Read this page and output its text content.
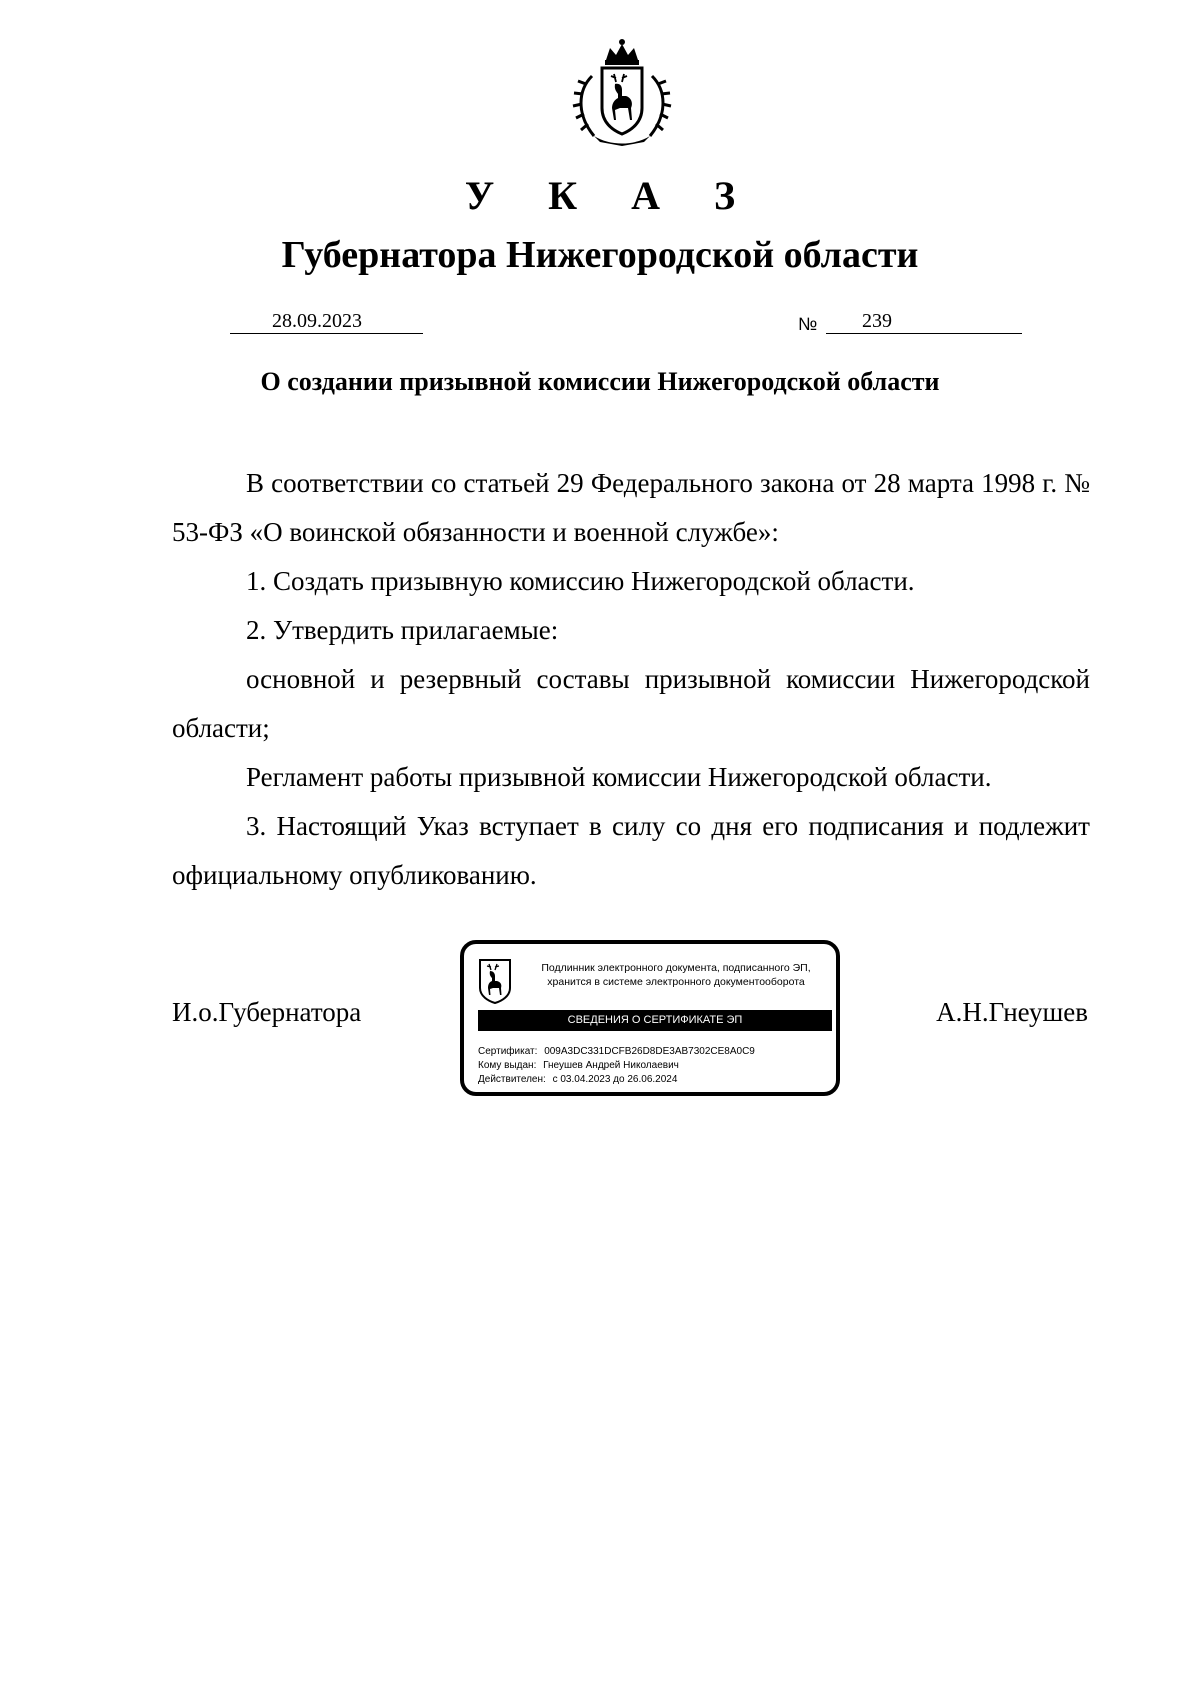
У К А З
Губернатора Нижегородской области
28.09.2023	№ 239
О создании призывной комиссии Нижегородской области

В соответствии со статьей 29 Федерального закона от 28 марта 1998 г. № 53-ФЗ «О воинской обязанности и военной службе»:

1. Создать призывную комиссию Нижегородской области.

2. Утвердить прилагаемые:

основной и резервный составы призывной комиссии Нижегородской области;

Регламент работы призывной комиссии Нижегородской области.

3. Настоящий Указ вступает в силу со дня его подписания и подлежит официальному опубликованию.

И.о.Губернатора
Подлинник электронного документа, подписанного ЭП,
хранится в системе электронного документооборота
СВЕДЕНИЯ О СЕРТИФИКАТЕ ЭП
Сертификат: 009A3DC331DCFB26D8DE3AB7302CE8A0C9
Кому выдан: Гнеушев Андрей Николаевич
Действителен: с 03.04.2023 до 26.06.2024
А.Н.Гнеушев
